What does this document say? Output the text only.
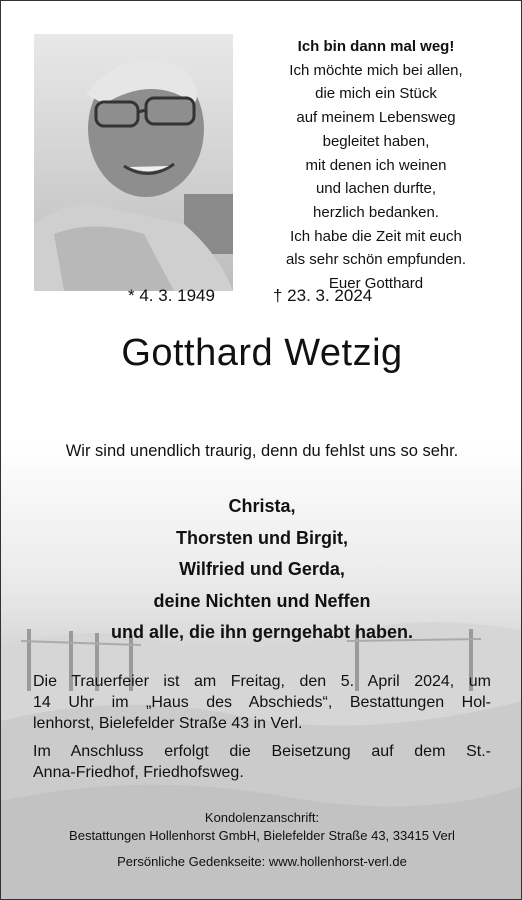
Ich bin dann mal weg!
Ich möchte mich bei allen,
die mich ein Stück
auf meinem Lebensweg
begleitet haben,
mit denen ich weinen
und lachen durfte,
herzlich bedanken.
Ich habe die Zeit mit euch
als sehr schön empfunden.
Euer Gotthard
Gotthard Wetzig
* 4. 3. 1949	† 23. 3. 2024
Wir sind unendlich traurig, denn du fehlst uns so sehr.
Christa,
Thorsten und Birgit,
Wilfried und Gerda,
deine Nichten und Neffen
und alle, die ihn gerngehabt haben.
Die Trauerfeier ist am Freitag, den 5. April 2024, um
14 Uhr im „Haus des Abschieds“, Bestattungen Hol-
lenhorst, Bielefelder Straße 43 in Verl.
Im Anschluss erfolgt die Beisetzung auf dem St.-
Anna-Friedhof, Friedhofsweg.
Kondolenzanschrift:
Bestattungen Hollenhorst GmbH, Bielefelder Straße 43, 33415 Verl
Persönliche Gedenkseite: www.hollenhorst-verl.de
